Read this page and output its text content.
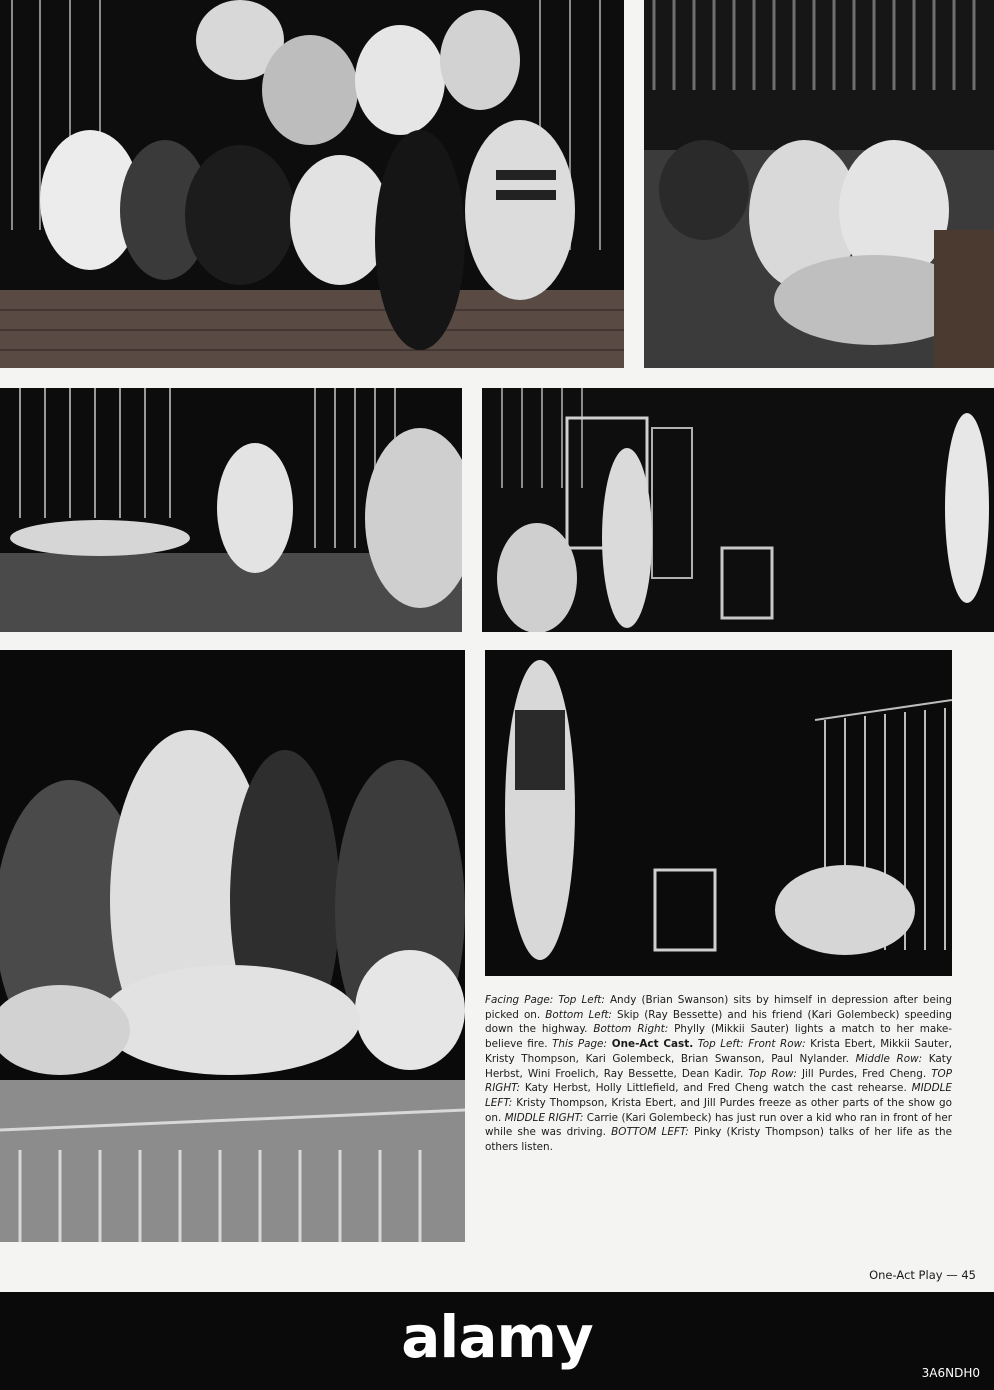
Facing Page: Top Left: Andy (Brian Swanson) sits by himself in depression after being picked on. Bottom Left: Skip (Ray Bessette) and his friend (Kari Golembeck) speeding down the highway. Bottom Right: Phylly (Mikkii Sauter) lights a match to her make-believe fire. This Page: One-Act Cast. Top Left: Front Row: Krista Ebert, Mikkii Sauter, Kristy Thompson, Kari Golembeck, Brian Swanson, Paul Nylander. Middle Row: Katy Herbst, Wini Froelich, Ray Bessette, Dean Kadir. Top Row: Jill Purdes, Fred Cheng. TOP RIGHT: Katy Herbst, Holly Littlefield, and Fred Cheng watch the cast rehearse. MIDDLE LEFT: Kristy Thompson, Krista Ebert, and Jill Purdes freeze as other parts of the show go on. MIDDLE RIGHT: Carrie (Kari Golembeck) has just run over a kid who ran in front of her while she was driving. BOTTOM LEFT: Pinky (Kristy Thompson) talks of her life as the others listen.
One-Act Play — 45
alamy
3A6NDH0
